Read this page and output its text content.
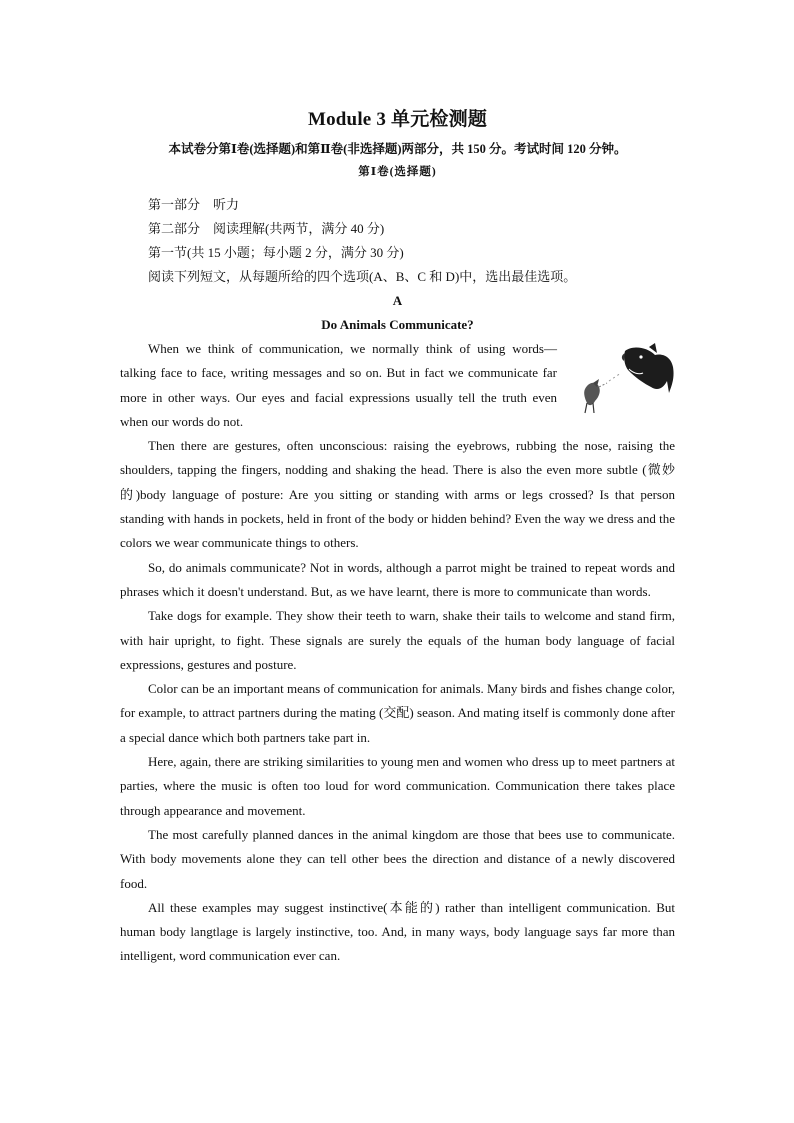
Module 3 单元检测题
本试卷分第Ⅰ卷(选择题)和第Ⅱ卷(非选择题)两部分，共 150 分。考试时间 120 分钟。
第Ⅰ卷(选择题)
第一部分    听力
第二部分    阅读理解(共两节，满分 40 分)
第一节(共 15 小题；每小题 2 分，满分 30 分)
阅读下列短文，从每题所给的四个选项(A、B、C 和 D)中，选出最佳选项。
A
Do Animals Communicate?

When we think of communication, we normally think of using words—talking face to face, writing messages and so on. But in fact we communicate far more in other ways. Our eyes and facial expressions usually tell the truth even when our words do not.

Then there are gestures, often unconscious: raising the eyebrows, rubbing the nose, raising the shoulders, tapping the fingers, nodding and shaking the head. There is also the even more subtle (微妙的)body language of posture: Are you sitting or standing with arms or legs crossed? Is that person standing with hands in pockets, held in front of the body or hidden behind? Even the way we dress and the colors we wear communicate things to others.

So, do animals communicate? Not in words, although a parrot might be trained to repeat words and phrases which it doesn't understand. But, as we have learnt, there is more to communicate than words.

Take dogs for example. They show their teeth to warn, shake their tails to welcome and stand firm, with hair upright, to fight. These signals are surely the equals of the human body language of facial expressions, gestures and posture.

Color can be an important means of communication for animals. Many birds and fishes change color, for example, to attract partners during the mating (交配) season. And mating itself is commonly done after a special dance which both partners take part in.

Here, again, there are striking similarities to young men and women who dress up to meet partners at parties, where the music is often too loud for word communication. Communication there takes place through appearance and movement.

The most carefully planned dances in the animal kingdom are those that bees use to communicate. With body movements alone they can tell other bees the direction and distance of a newly discovered food.

All these examples may suggest instinctive(本能的) rather than intelligent communication. But human body langtlage is largely instinctive, too. And, in many ways, body language says far more than intelligent, word communication ever can.
